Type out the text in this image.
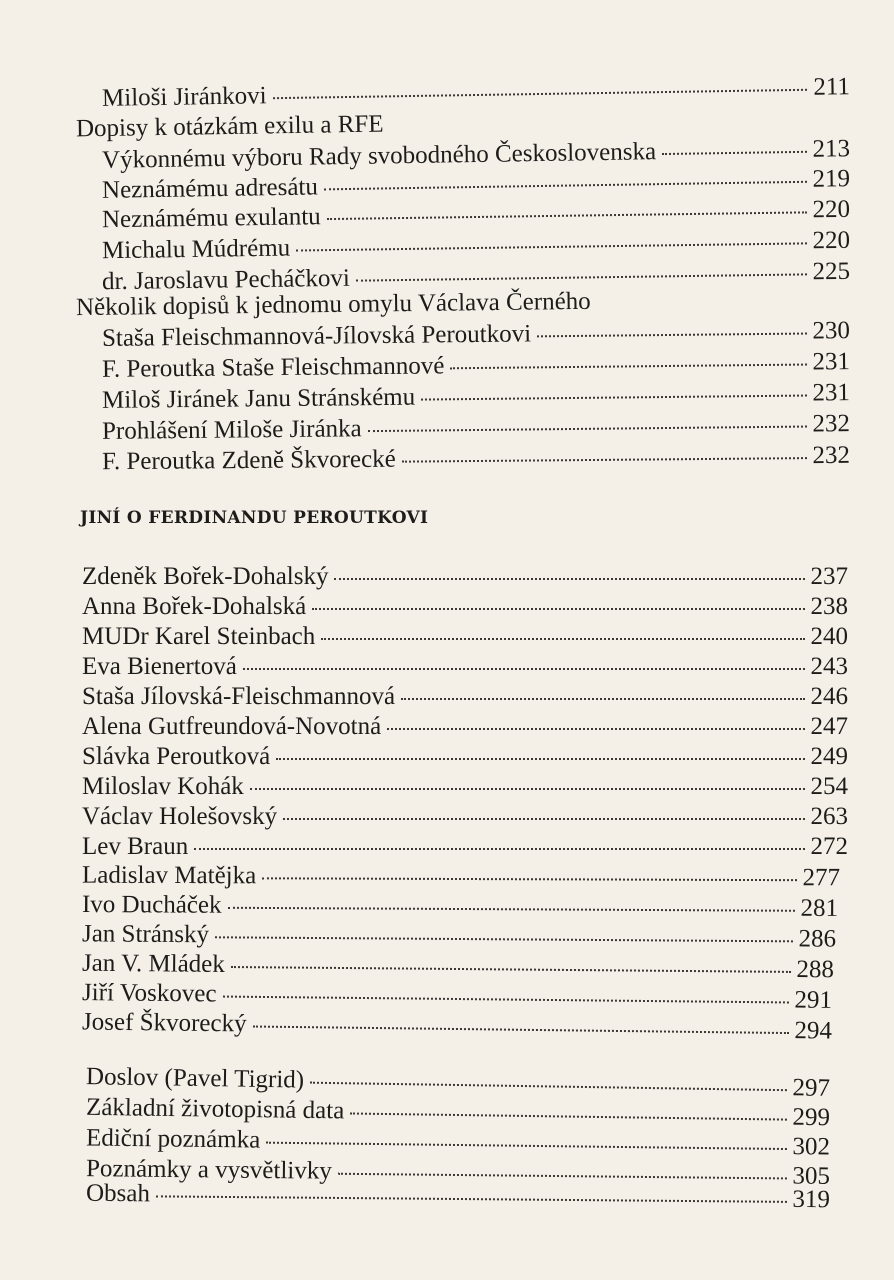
Miloši Jiránkovi	211
Dopisy k otázkám exilu a RFE
Výkonnému výboru Rady svobodného Československa	213
Neznámému adresátu	219
Neznámému exulantu	220
Michalu Múdrému	220
dr. Jaroslavu Pecháčkovi	225
Několik dopisů k jednomu omylu Václava Černého
Staša Fleischmannová-Jílovská Peroutkovi	230
F. Peroutka Staše Fleischmannové	231
Miloš Jiránek Janu Stránskému	231
Prohlášení Miloše Jiránka	232
F. Peroutka Zdeně Škvorecké	232
JINÍ O FERDINANDU PEROUTKOVI
Zdeněk Bořek-Dohalský	237
Anna Bořek-Dohalská	238
MUDr Karel Steinbach	240
Eva Bienertová	243
Staša Jílovská-Fleischmannová	246
Alena Gutfreundová-Novotná	247
Slávka Peroutková	249
Miloslav Kohák	254
Václav Holešovský	263
Lev Braun	272
Ladislav Matějka	277
Ivo Ducháček	281
Jan Stránský	286
Jan V. Mládek	288
Jiří Voskovec	291
Josef Škvorecký	294
Doslov (Pavel Tigrid)	297
Základní životopisná data	299
Ediční poznámka	302
Poznámky a vysvětlivky	305
Obsah	319
